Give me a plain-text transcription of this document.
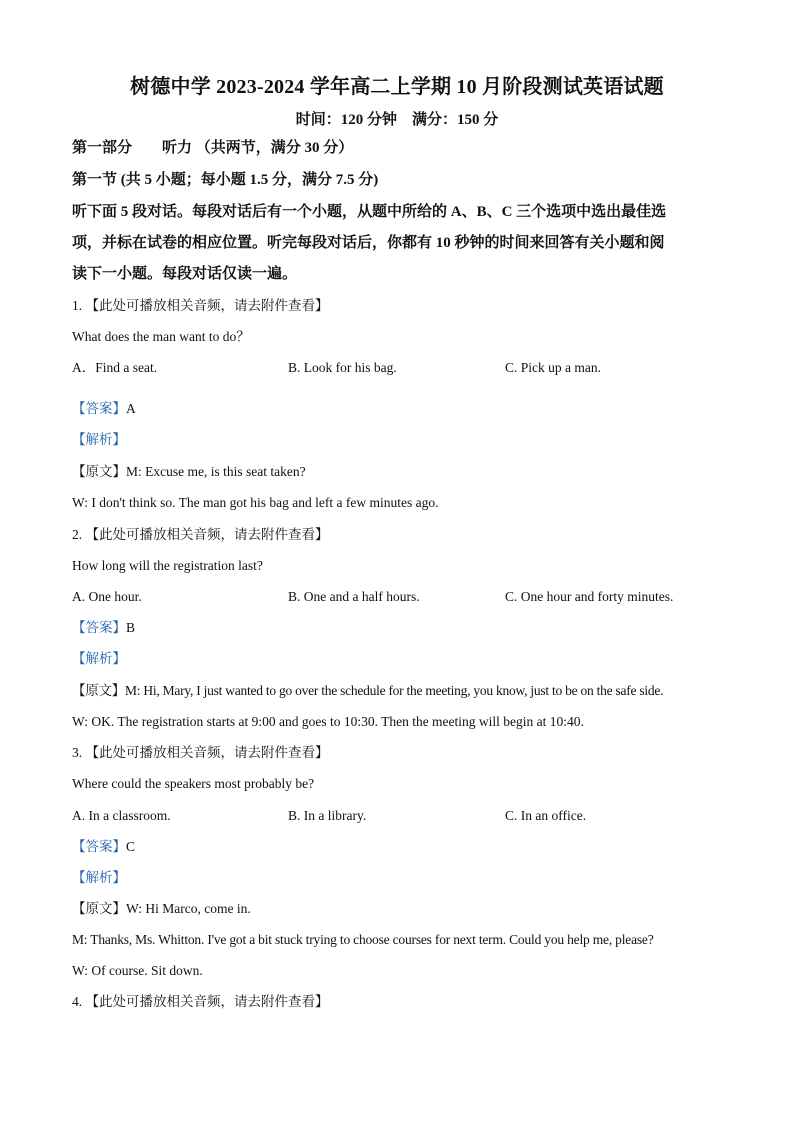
树德中学 2023-2024 学年高二上学期 10 月阶段测试英语试题
时间：120 分钟　满分：150 分
第一部分　　听力 （共两节，满分 30 分）
第一节 (共 5 小题；每小题 1.5 分，满分 7.5 分)
听下面 5 段对话。每段对话后有一个小题，从题中所给的 A、B、C 三个选项中选出最佳选
项，并标在试卷的相应位置。听完每段对话后，你都有 10 秒钟的时间来回答有关小题和阅
读下一小题。每段对话仅读一遍。
1. 【此处可播放相关音频，请去附件查看】
What does the man want to do？
A．Find a seat.	B. Look for his bag.	C. Pick up a man.
【答案】A
【解析】
【原文】M: Excuse me, is this seat taken?
W: I don't think so. The man got his bag and left a few minutes ago.
2. 【此处可播放相关音频，请去附件查看】
How long will the registration last?
A. One hour.	B. One and a half hours.	C. One hour and forty minutes.
【答案】B
【解析】
【原文】M: Hi, Mary, I just wanted to go over the schedule for the meeting, you know, just to be on the safe side.
W: OK. The registration starts at 9:00 and goes to 10:30. Then the meeting will begin at 10:40.
3. 【此处可播放相关音频，请去附件查看】
Where could the speakers most probably be?
A. In a classroom.	B. In a library.	C. In an office.
【答案】C
【解析】
【原文】W: Hi Marco, come in.
M: Thanks, Ms. Whitton. I've got a bit stuck trying to choose courses for next term. Could you help me, please?
W: Of course. Sit down.
4. 【此处可播放相关音频，请去附件查看】
